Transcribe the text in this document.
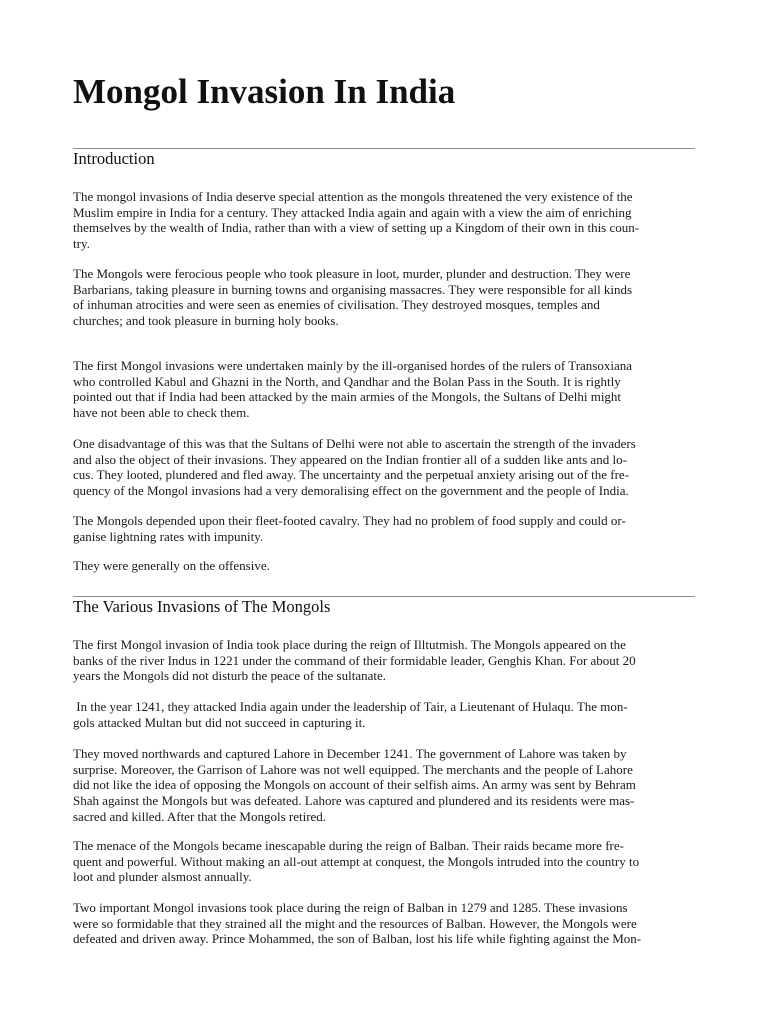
Mongol Invasion In India
Introduction
The mongol invasions of India deserve special attention as the mongols threatened the very existence of the
Muslim empire in India for a century. They attacked India again and again with a view the aim of enriching
themselves by the wealth of India, rather than with a view of setting up a Kingdom of their own in this coun-
try.
The Mongols were ferocious people who took pleasure in loot, murder, plunder and destruction. They were
Barbarians, taking pleasure in burning towns and organising massacres. They were responsible for all kinds
of inhuman atrocities and were seen as enemies of civilisation. They destroyed mosques, temples and
churches; and took pleasure in burning holy books.
The first Mongol invasions were undertaken mainly by the ill-organised hordes of the rulers of Transoxiana
who controlled Kabul and Ghazni in the North, and Qandhar and the Bolan Pass in the South. It is rightly
pointed out that if India had been attacked by the main armies of the Mongols, the Sultans of Delhi might
have not been able to check them.
One disadvantage of this was that the Sultans of Delhi were not able to ascertain the strength of the invaders
and also the object of their invasions. They appeared on the Indian frontier all of a sudden like ants and lo-
cus. They looted, plundered and fled away. The uncertainty and the perpetual anxiety arising out of the fre-
quency of the Mongol invasions had a very demoralising effect on the government and the people of India.
The Mongols depended upon their fleet-footed cavalry. They had no problem of food supply and could or-
ganise lightning rates with impunity.
They were generally on the offensive.
The Various Invasions of The Mongols
The first Mongol invasion of India took place during the reign of Illtutmish. The Mongols appeared on the
banks of the river Indus in 1221 under the command of their formidable leader, Genghis Khan. For about 20
years the Mongols did not disturb the peace of the sultanate.
In the year 1241, they attacked India again under the leadership of Tair, a Lieutenant of Hulaqu. The mon-
gols attacked Multan but did not succeed in capturing it.
They moved northwards and captured Lahore in December 1241. The government of Lahore was taken by
surprise. Moreover, the Garrison of Lahore was not well equipped. The merchants and the people of Lahore
did not like the idea of opposing the Mongols on account of their selfish aims. An army was sent by Behram
Shah against the Mongols but was defeated. Lahore was captured and plundered and its residents were mas-
sacred and killed. After that the Mongols retired.
The menace of the Mongols became inescapable during the reign of Balban. Their raids became more fre-
quent and powerful. Without making an all-out attempt at conquest, the Mongols intruded into the country to
loot and plunder alsmost annually.
Two important Mongol invasions took place during the reign of Balban in 1279 and 1285. These invasions
were so formidable that they strained all the might and the resources of Balban. However, the Mongols were
defeated and driven away. Prince Mohammed, the son of Balban, lost his life while fighting against the Mon-
